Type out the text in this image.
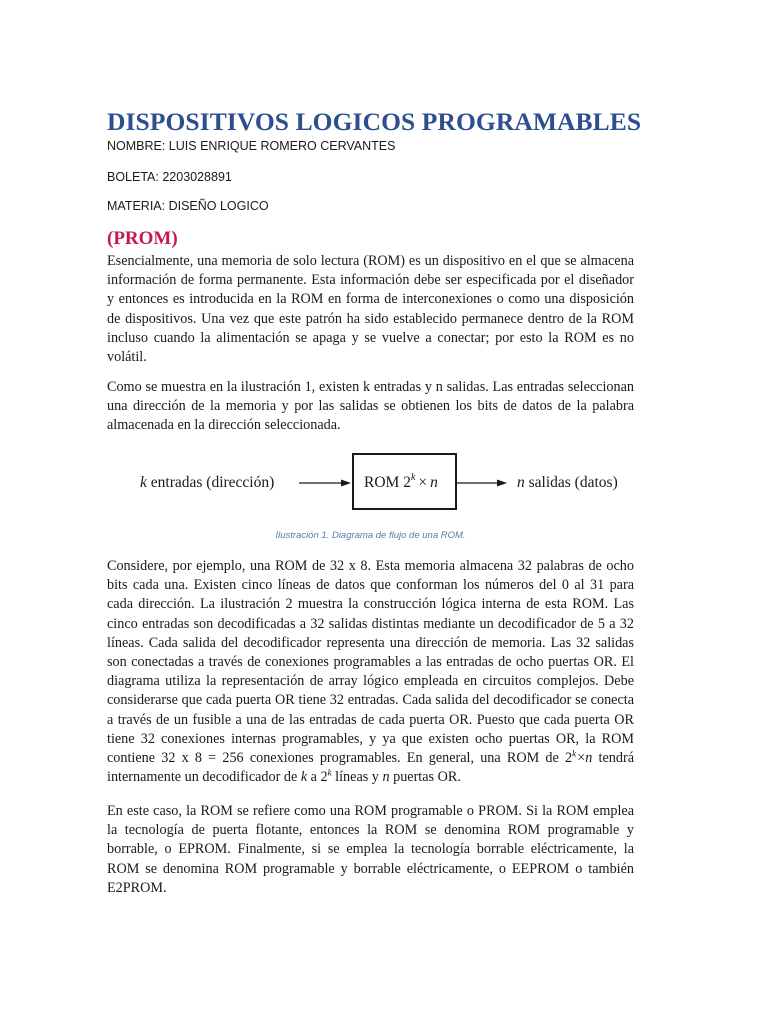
DISPOSITIVOS LOGICOS PROGRAMABLES

NOMBRE: LUIS ENRIQUE ROMERO CERVANTES

BOLETA: 2203028891

MATERIA: DISEÑO LOGICO

(PROM)

Esencialmente, una memoria de solo lectura (ROM) es un dispositivo en el que se almacena información de forma permanente. Esta información debe ser especificada por el diseñador y entonces es introducida en la ROM en forma de interconexiones o como una disposición de dispositivos. Una vez que este patrón ha sido establecido permanece dentro de la ROM incluso cuando la alimentación se apaga y se vuelve a conectar; por esto la ROM es no volátil.

Como se muestra en la ilustración 1, existen k entradas y n salidas. Las entradas seleccionan una dirección de la memoria y por las salidas se obtienen los bits de datos de la palabra almacenada en la dirección seleccionada.

Ilustración 1. Diagrama de flujo de una ROM.

Considere, por ejemplo, una ROM de 32 x 8. Esta memoria almacena 32 palabras de ocho bits cada una. Existen cinco líneas de datos que conforman los números del 0 al 31 para cada dirección. La ilustración 2 muestra la construcción lógica interna de esta ROM. Las cinco entradas son decodificadas a 32 salidas distintas mediante un decodificador de 5 a 32 líneas. Cada salida del decodificador representa una dirección de memoria. Las 32 salidas son conectadas a través de conexiones programables a las entradas de ocho puertas OR. El diagrama utiliza la representación de array lógico empleada en circuitos complejos. Debe considerarse que cada puerta OR tiene 32 entradas. Cada salida del decodificador se conecta a través de un fusible a una de las entradas de cada puerta OR. Puesto que cada puerta OR tiene 32 conexiones internas programables, y ya que existen ocho puertas OR, la ROM contiene 32 x 8 = 256 conexiones programables. En general, una ROM de $2^k$ ×n tendrá internamente un decodificador de k a 2$^k$ líneas y n puertas OR.

En este caso, la ROM se refiere como una ROM programable o PROM. Si la ROM emplea la tecnología de puerta flotante, entonces la ROM se denomina ROM programable y borrable, o EPROM. Finalmente, si se emplea la tecnología borrable eléctricamente, la ROM se denomina ROM programable y borrable eléctricamente, o EEPROM o también E2PROM.

k entradas (dirección)	ROM $2^k \times n$	n salidas (datos)
